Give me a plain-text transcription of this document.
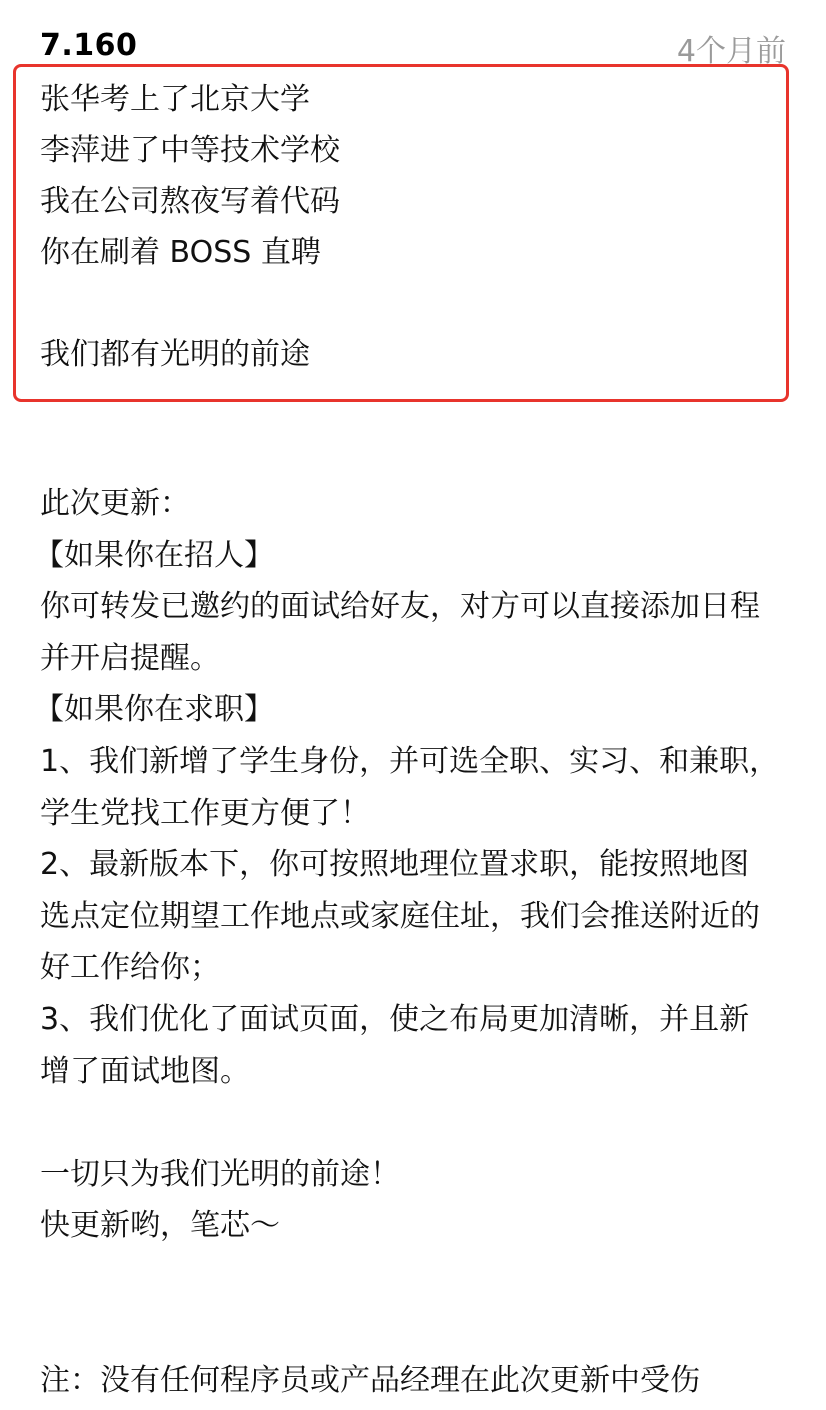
7.160	4个月前
张华考上了北京大学
李萍进了中等技术学校
我在公司熬夜写着代码
你在刷着 BOSS 直聘
我们都有光明的前途
此次更新：
【如果你在招人】
你可转发已邀约的面试给好友，对方可以直接添加日程
并开启提醒。
【如果你在求职】
1、我们新增了学生身份，并可选全职、实习、和兼职，
学生党找工作更方便了！
2、最新版本下，你可按照地理位置求职，能按照地图
选点定位期望工作地点或家庭住址，我们会推送附近的
好工作给你；
3、我们优化了面试页面，使之布局更加清晰，并且新
增了面试地图。
一切只为我们光明的前途！
快更新哟，笔芯～
注：没有任何程序员或产品经理在此次更新中受伤
